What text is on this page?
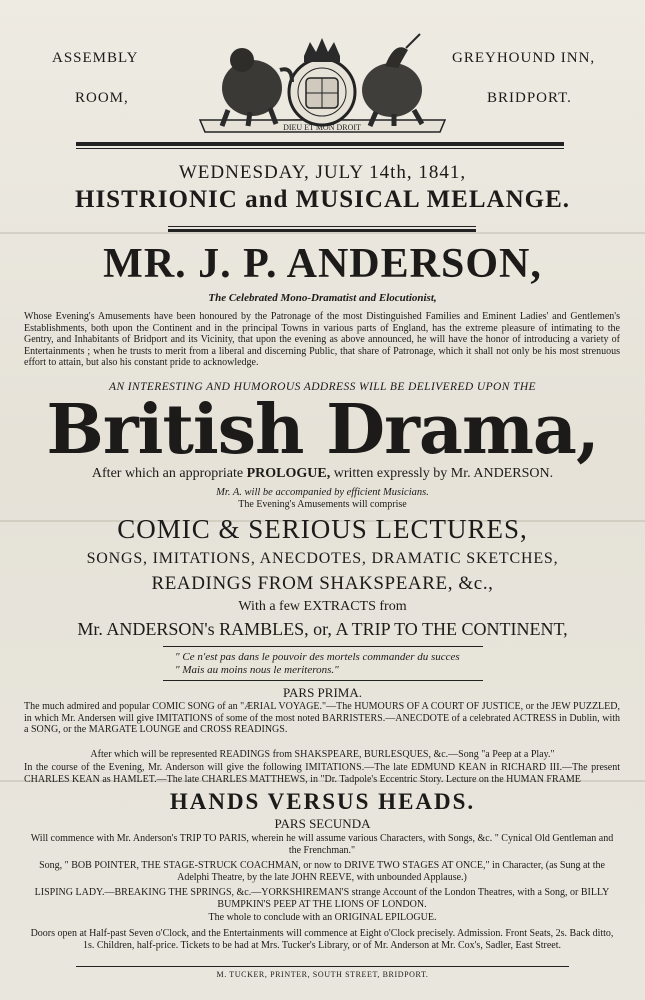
ASSEMBLY
ROOM,
GREYHOUND INN,
BRIDPORT.
DIEU ET MON DROIT
WEDNESDAY, JULY 14th, 1841,
HISTRIONIC and MUSICAL MELANGE.
MR. J. P. ANDERSON,
The Celebrated Mono-Dramatist and Elocutionist,
Whose Evening's Amusements have been honoured by the Patronage of the most Distinguished Families and Eminent Ladies' and Gentlemen's Establishments, both upon the Continent and in the principal Towns in various parts of England, has the extreme pleasure of intimating to the Gentry, and Inhabitants of Bridport and its Vicinity, that upon the evening as above announced, he will have the honor of introducing a variety of Entertainments ; when he trusts to merit from a liberal and discerning Public, that share of Patronage, which it shall not only be his most strenuous effort to attain, but also his constant pride to acknowledge.
AN INTERESTING AND HUMOROUS ADDRESS WILL BE DELIVERED UPON THE
British Drama,
After which an appropriate PROLOGUE, written expressly by Mr. ANDERSON.
Mr. A. will be accompanied by efficient Musicians.
The Evening's Amusements will comprise
COMIC & SERIOUS LECTURES,
SONGS, IMITATIONS, ANECDOTES, DRAMATIC SKETCHES,
READINGS FROM SHAKSPEARE, &c.,
With a few EXTRACTS from
Mr. ANDERSON's RAMBLES, or, A TRIP TO THE CONTINENT,
" Ce n'est pas dans le pouvoir des mortels commander du succes
" Mais au moins nous le meriterons."
PARS PRIMA.
The much admired and popular COMIC SONG of an "ÆRIAL VOYAGE."—The HUMOURS OF A COURT OF JUSTICE, or the JEW PUZZLED, in which Mr. Andersen will give IMITATIONS of some of the most noted BARRISTERS.—ANECDOTE of a celebrated ACTRESS in Dublin, with a SONG, or the MARGATE LOUNGE and CROSS READINGS.
After which will be represented READINGS from SHAKSPEARE, BURLESQUES, &c.—Song "a Peep at a Play."
In the course of the Evening, Mr. Anderson will give the following IMITATIONS.—The late EDMUND KEAN in RICHARD III.—The present CHARLES KEAN as HAMLET.—The late CHARLES MATTHEWS, in "Dr. Tadpole's Eccentric Story. Lecture on the HUMAN FRAME
HANDS VERSUS HEADS.
PARS SECUNDA
Will commence with Mr. Anderson's TRIP TO PARIS, wherein he will assume various Characters, with Songs, &c. " Cynical Old Gentleman and the Frenchman."
Song, " BOB POINTER, THE STAGE-STRUCK COACHMAN, or now to DRIVE TWO STAGES AT ONCE," in Character, (as Sung at the Adelphi Theatre, by the late JOHN REEVE, with unbounded Applause.)
LISPING LADY.—BREAKING THE SPRINGS, &c.—YORKSHIREMAN'S strange Account of the London Theatres, with a Song, or BILLY BUMPKIN'S PEEP AT THE LIONS OF LONDON.
The whole to conclude with an ORIGINAL EPILOGUE.
Doors open at Half-past Seven o'Clock, and the Entertainments will commence at Eight o'Clock precisely. Admission. Front Seats, 2s. Back ditto, 1s. Children, half-price. Tickets to be had at Mrs. Tucker's Library, or of Mr. Anderson at Mr. Cox's, Sadler, East Street.
M. TUCKER, PRINTER, SOUTH STREET, BRIDPORT.
